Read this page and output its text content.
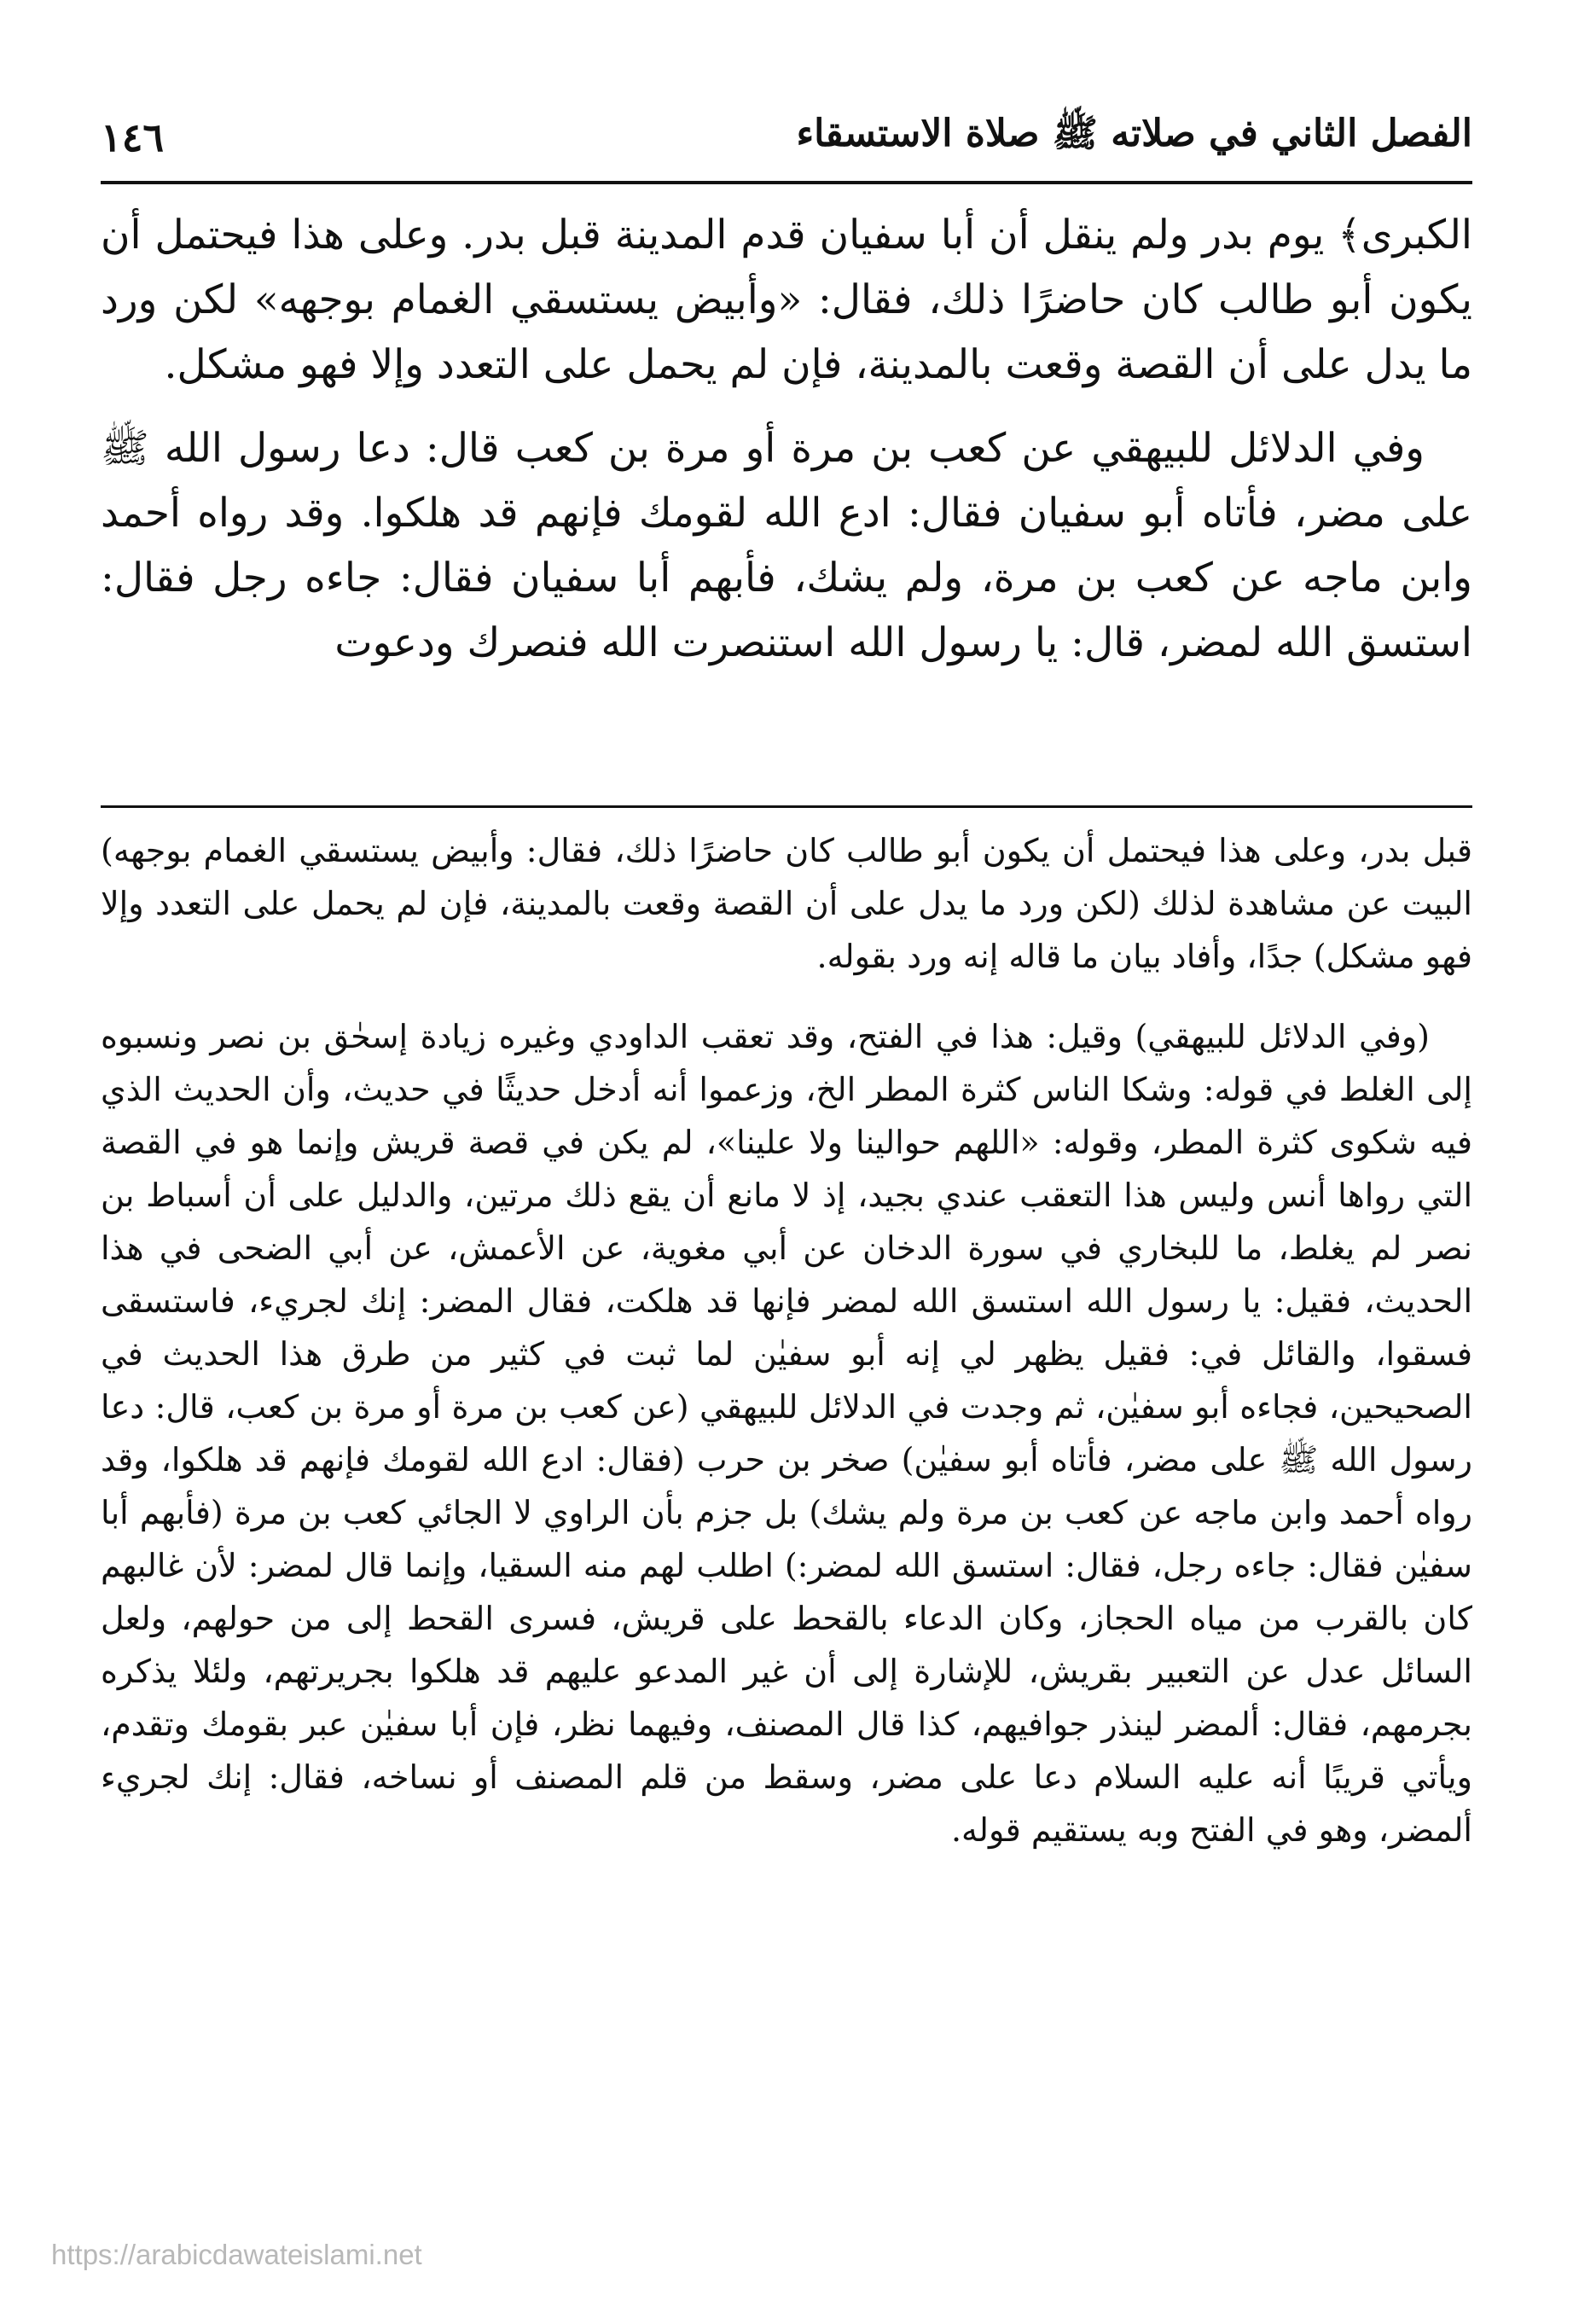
الفصل الثاني في صلاته ﷺ صلاة الاستسقاء
١٤٦

الكبرى﴾ يوم بدر ولم ينقل أن أبا سفيان قدم المدينة قبل بدر. وعلى هذا فيحتمل أن يكون أبو طالب كان حاضرًا ذلك، فقال: «وأبيض يستسقي الغمام بوجهه» لكن ورد ما يدل على أن القصة وقعت بالمدينة، فإن لم يحمل على التعدد وإلا فهو مشكل.

وفي الدلائل للبيهقي عن كعب بن مرة أو مرة بن كعب قال: دعا رسول الله ﷺ على مضر، فأتاه أبو سفيان فقال: ادع الله لقومك فإنهم قد هلكوا. وقد رواه أحمد وابن ماجه عن كعب بن مرة، ولم يشك، فأبهم أبا سفيان فقال: جاءه رجل فقال: استسق الله لمضر، قال: يا رسول الله استنصرت الله فنصرك ودعوت

قبل بدر، وعلى هذا فيحتمل أن يكون أبو طالب كان حاضرًا ذلك، فقال: وأبيض يستسقي الغمام بوجهه) البيت عن مشاهدة لذلك (لكن ورد ما يدل على أن القصة وقعت بالمدينة، فإن لم يحمل على التعدد وإلا فهو مشكل) جدًا، وأفاد بيان ما قاله إنه ورد بقوله.

(وفي الدلائل للبيهقي) وقيل: هذا في الفتح، وقد تعقب الداودي وغيره زيادة إسحٰق بن نصر ونسبوه إلى الغلط في قوله: وشكا الناس كثرة المطر الخ، وزعموا أنه أدخل حديثًا في حديث، وأن الحديث الذي فيه شكوى كثرة المطر، وقوله: «اللهم حوالينا ولا علينا»، لم يكن في قصة قريش وإنما هو في القصة التي رواها أنس وليس هذا التعقب عندي بجيد، إذ لا مانع أن يقع ذلك مرتين، والدليل على أن أسباط بن نصر لم يغلط، ما للبخاري في سورة الدخان عن أبي مغوية، عن الأعمش، عن أبي الضحى في هذا الحديث، فقيل: يا رسول الله استسق الله لمضر فإنها قد هلكت، فقال المضر: إنك لجريء، فاستسقى فسقوا، والقائل في: فقيل يظهر لي إنه أبو سفيٰن لما ثبت في كثير من طرق هذا الحديث في الصحيحين، فجاءه أبو سفيٰن، ثم وجدت في الدلائل للبيهقي (عن كعب بن مرة أو مرة بن كعب، قال: دعا رسول الله ﷺ على مضر، فأتاه أبو سفيٰن) صخر بن حرب (فقال: ادع الله لقومك فإنهم قد هلكوا، وقد رواه أحمد وابن ماجه عن كعب بن مرة ولم يشك) بل جزم بأن الراوي لا الجائي كعب بن مرة (فأبهم أبا سفيٰن فقال: جاءه رجل، فقال: استسق الله لمضر:) اطلب لهم منه السقيا، وإنما قال لمضر: لأن غالبهم كان بالقرب من مياه الحجاز، وكان الدعاء بالقحط على قريش، فسرى القحط إلى من حولهم، ولعل السائل عدل عن التعبير بقريش، للإشارة إلى أن غير المدعو عليهم قد هلكوا بجريرتهم، ولئلا يذكره بجرمهم، فقال: ألمضر لينذر جوافيهم، كذا قال المصنف، وفيهما نظر، فإن أبا سفيٰن عبر بقومك وتقدم، ويأتي قريبًا أنه عليه السلام دعا على مضر، وسقط من قلم المصنف أو نساخه، فقال: إنك لجريء ألمضر، وهو في الفتح وبه يستقيم قوله.

https://arabicdawateislami.net
